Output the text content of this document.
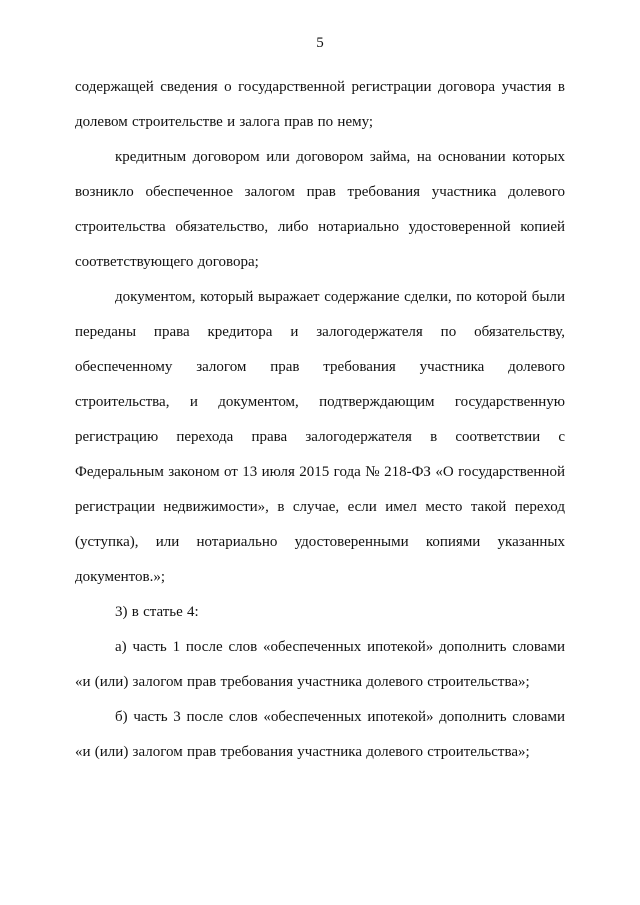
5

содержащей сведения о государственной регистрации договора участия в долевом строительстве и залога прав по нему;

кредитным договором или договором займа, на основании которых возникло обеспеченное залогом прав требования участника долевого строительства обязательство, либо нотариально удостоверенной копией соответствующего договора;

документом, который выражает содержание сделки, по которой были переданы права кредитора и залогодержателя по обязательству, обеспеченному залогом прав требования участника долевого строительства, и документом, подтверждающим государственную регистрацию перехода права залогодержателя в соответствии с Федеральным законом от 13 июля 2015 года № 218-ФЗ «О государственной регистрации недвижимости», в случае, если имел место такой переход (уступка), или нотариально удостоверенными копиями указанных документов.»;

3) в статье 4:

а) часть 1 после слов «обеспеченных ипотекой» дополнить словами «и (или) залогом прав требования участника долевого строительства»;

б) часть 3 после слов «обеспеченных ипотекой» дополнить словами «и (или) залогом прав требования участника долевого строительства»;
